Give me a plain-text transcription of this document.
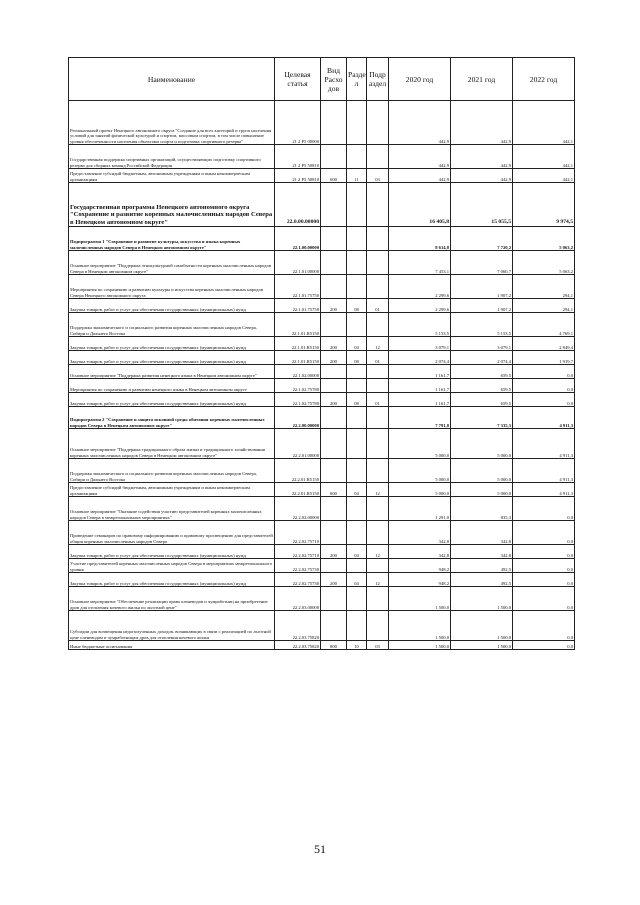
Наименование	Целевая статья	Вид Расхо дов	Разде л	Подр аздел	2020 год	2021 год	2022 год
Региональный проект Ненецкого автономного округа "Создание для всех категорий и групп населения условий для занятий физической культурой и спортом, массовым спортом, в том числе повышение уровня обеспеченности населения объектами спорта и подготовка спортивного резерва"	21 2 P5 00000				442,9	442,9	442,1
Государственная поддержка спортивных организаций, осуществляющих подготовку спортивного резерва для сборных команд Российской Федерации	21 2 P5 50810				442,9	442,9	442,1
Предоставление субсидий бюджетным, автономным учреждениям и иным некоммерческим организациям	21 2 P5 50810	600	11	03	442,9	442,9	442,1
Государственная программа Ненецкого автономного округа "Сохранение и развитие коренных малочисленных народов Севера в Ненецком автономном округе"	22.0.00.00000				16 405,8	15 055,5	9 974,5
Подпрограмма 1 "Сохранение и развитие культуры, искусства и языка коренных малочисленных народов Севера в Ненецком автономном округе"	22.1.00.00000				8 614,8	7 720,2	5 063,2
Основное мероприятие "Поддержка этнокультурной самобытности коренных малочисленных народов Севера в Ненецком автономном округе"	22.1.01.00000				7 453,1	7 060,7	5 063,2
Мероприятия по сохранению и развитию культуры и искусства коренных малочисленных народов Севера Ненецкого автономного округа	22.1.01.75750				2 299,6	1 907,2	294,1
Закупка товаров, работ и услуг для обеспечения государственных (муниципальных) нужд	22.1.01.75750	200	08	01	2 299,6	1 907,2	294,1
Поддержка экономического и социального развития коренных малочисленных народов Севера, Сибири и Дальнего Востока	22.1.01.R5150				5 153,5	5 153,5	4 769,1
Закупка товаров, работ и услуг для обеспечения государственных (муниципальных) нужд	22.1.01.R5150	200	04	12	3 079,1	3 079,1	2 849,4
Закупка товаров, работ и услуг для обеспечения государственных (муниципальных) нужд	22.1.01.R5150	200	08	01	2 074,4	2 074,4	1 919,7
Основное мероприятие "Поддержка развития ненецкого языка в Ненецком автономном округе"	22.1.02.00000				1 161,7	659,5	0,0
Мероприятия по сохранению и развитию ненецкого языка в Ненецком автономном округе	22.1.02.75780				1 161,7	659,5	0,0
Закупка товаров, работ и услуг для обеспечения государственных (муниципальных) нужд	22.1.02.75780	200	08	01	1 161,7	659,5	0,0
Подпрограмма 2 "Сохранение и защита исконной среды обитания коренных малочисленных народов Севера в Ненецком автономном округе"	22.2.00.00000				7 791,0	7 335,3	4 911,3
Основное мероприятие "Поддержка традиционного образа жизни и традиционного хозяйствования коренных малочисленных народов Севера в Ненецком автономном округе"	22.2.01.00000				5 000,0	5 000,0	4 911,3
Поддержка экономического и социального развития коренных малочисленных народов Севера, Сибири и Дальнего Востока	22.2.01.R5150				5 000,0	5 000,0	4 911,3
Предоставление субсидий бюджетным, автономным учреждениям и иным некоммерческим организациям	22.2.01.R5150	600	04	12	5 000,0	5 000,0	4 911,3
Основное мероприятие "Оказание содействия участию представителей коренных малочисленных народов Севера в межрегиональных мероприятиях"	22.2.02.00000				1 291,0	835,3	0,0
Проведение семинаров по правовому информированию и правовому просвещению для представителей общин коренных малочисленных народов Севера	22.2.02.75710				342,8	342,8	0,0
Закупка товаров, работ и услуг для обеспечения государственных (муниципальных) нужд	22.2.02.75710	200	04	12	342,8	342,8	0,0
Участие представителей коренных малочисленных народов Севера в мероприятиях межрегионального уровня	22.2.02.75730				948,2	492,5	0,0
Закупка товаров, работ и услуг для обеспечения государственных (муниципальных) нужд	22.2.02.75730	200	04	12	948,2	492,5	0,0
Основное мероприятие "Обеспечение реализации права оленеводов и чумработниц на приобретение дров для отопления кочевого жилья по льготной цене"	22.2.03.00000				1 500,0	1 500,0	0,0
Субсидии для возмещения недополученных доходов, возникающих в связи с реализацией по льготной цене оленеводам и чумработницам дров для отопления кочевого жилья	22.2.03.75820				1 500,0	1 500,0	0,0
Иные бюджетные ассигнования	22.2.03.75820	800	10	03	1 500,0	1 500,0	0,0
51
